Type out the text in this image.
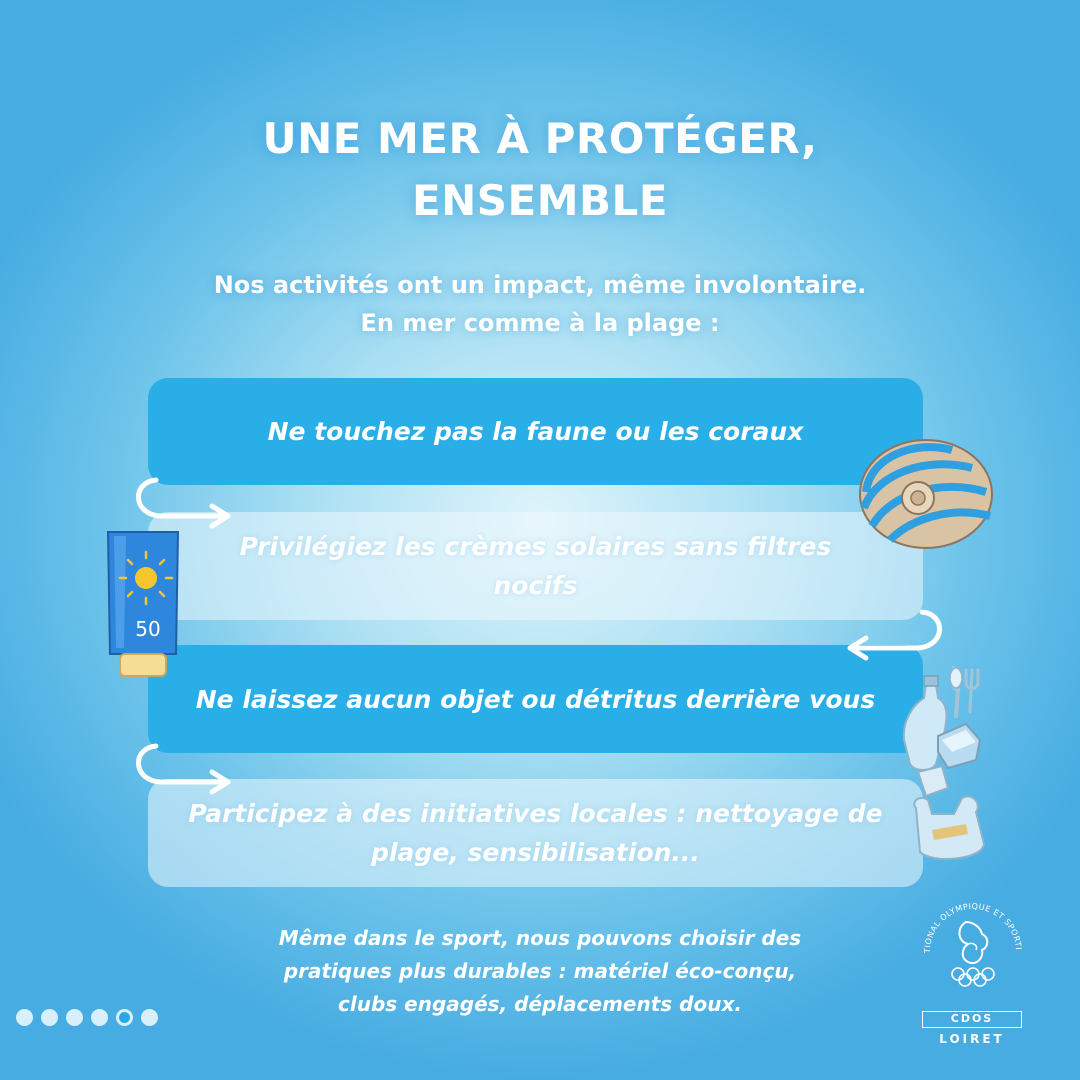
UNE MER À PROTÉGER,
ENSEMBLE
Nos activités ont un impact, même involontaire.
En mer comme à la plage :
Ne touchez pas la faune ou les coraux
Privilégiez les crèmes solaires sans filtres nocifs
Ne laissez aucun objet ou détritus derrière vous
Participez à des initiatives locales : nettoyage de plage, sensibilisation...
50
Même dans le sport, nous pouvons choisir des
pratiques plus durables : matériel éco-conçu,
clubs engagés, déplacements doux.
TIONAL OLYMPIQUE ET SPORTI
CDOS
LOIRET
